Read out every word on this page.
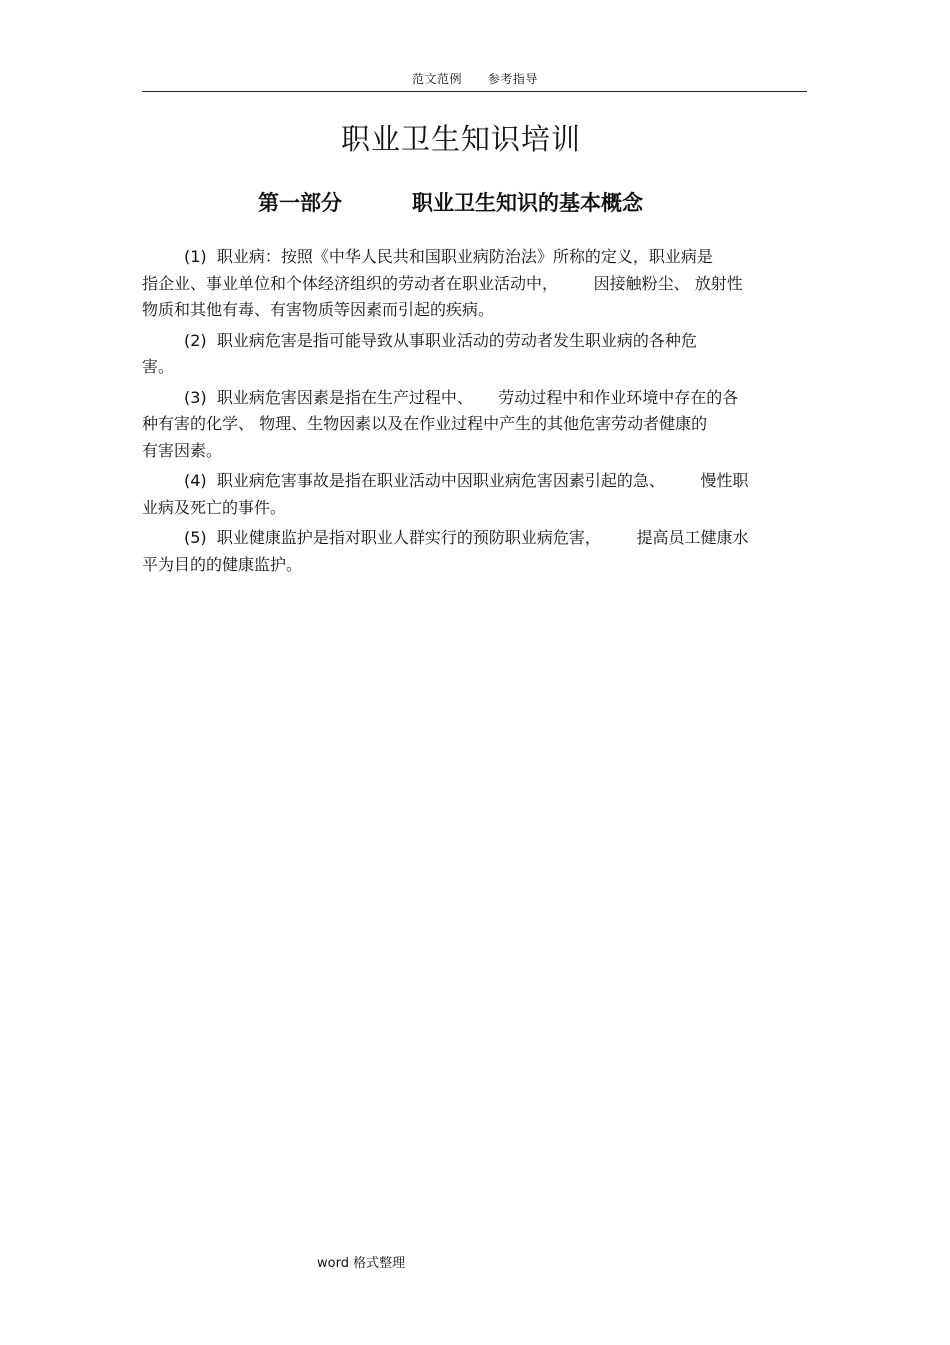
范文范例      参考指导
职业卫生知识培训
第一部分	职业卫生知识的基本概念

(1)  职业病：按照《中华人民共和国职业病防治法》所称的定义，职业病是
指企业、事业单位和个体经济组织的劳动者在职业活动中，       因接触粉尘、 放射性
物质和其他有毒、有害物质等因素而引起的疾病。

(2)  职业病危害是指可能导致从事职业活动的劳动者发生职业病的各种危
害。

(3)  职业病危害因素是指在生产过程中、     劳动过程中和作业环境中存在的各
种有害的化学、 物理、生物因素以及在作业过程中产生的其他危害劳动者健康的
有害因素。

(4)  职业病危害事故是指在职业活动中因职业病危害因素引起的急、       慢性职
业病及死亡的事件。

(5)  职业健康监护是指对职业人群实行的预防职业病危害，       提高员工健康水
平为目的的健康监护。

word 格式整理
